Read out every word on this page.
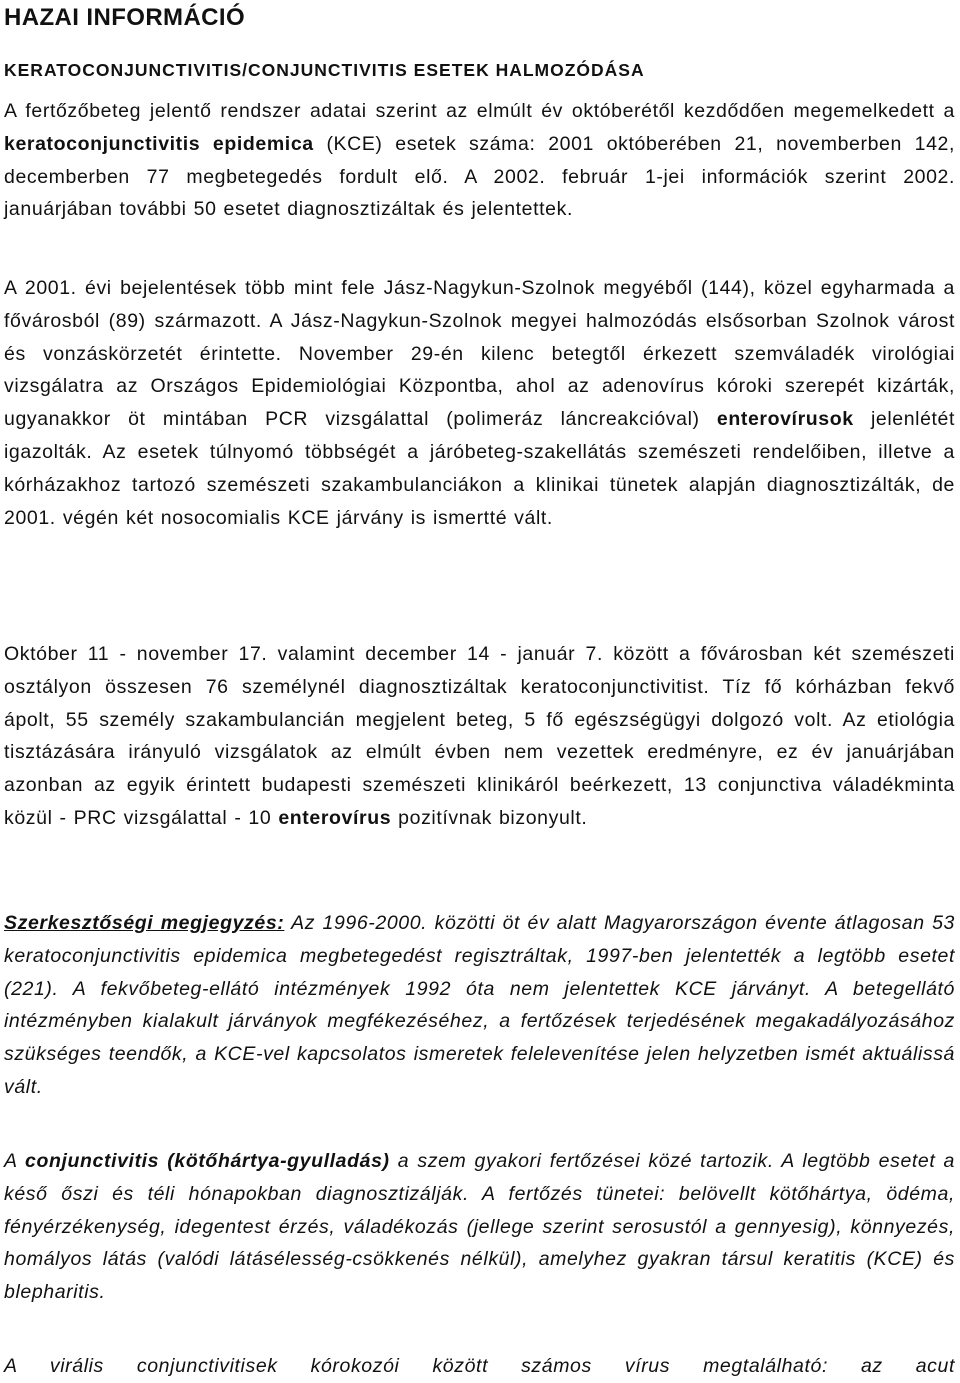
HAZAI INFORMÁCIÓ
KERATOCONJUNCTIVITIS/CONJUNCTIVITIS ESETEK HALMOZÓDÁSA

A fertőzőbeteg jelentő rendszer adatai szerint az elmúlt év októberétől kezdődően megemelkedett a keratoconjunctivitis epidemica (KCE) esetek száma: 2001 októberében 21, novemberben 142, decemberben 77 megbetegedés fordult elő. A 2002. február 1-jei információk szerint 2002. januárjában további 50 esetet diagnosztizáltak és jelentettek.

A 2001. évi bejelentések több mint fele Jász-Nagykun-Szolnok megyéből (144), közel egyharmada a fővárosból (89) származott. A Jász-Nagykun-Szolnok megyei halmozódás elsősorban Szolnok várost és vonzáskörzetét érintette. November 29-én kilenc betegtől érkezett szemváladék virológiai vizsgálatra az Országos Epidemiológiai Központba, ahol az adenovírus kóroki szerepét kizárták, ugyanakkor öt mintában PCR vizsgálattal (polimeráz láncreakcióval) enterovírusok jelenlétét igazolták. Az esetek túlnyomó többségét a járóbeteg-szakellátás szemészeti rendelőiben, illetve a kórházakhoz tartozó szemészeti szakambulanciákon a klinikai tünetek alapján diagnosztizálták, de 2001. végén két nosocomialis KCE járvány is ismertté vált.

Október 11 - november 17. valamint december 14 - január 7. között a fővárosban két szemészeti osztályon összesen 76 személynél diagnosztizáltak keratoconjunctivitist. Tíz fő kórházban fekvő ápolt, 55 személy szakambulancián megjelent beteg, 5 fő egészségügyi dolgozó volt. Az etiológia tisztázására irányuló vizsgálatok az elmúlt évben nem vezettek eredményre, ez év januárjában azonban az egyik érintett budapesti szemészeti klinikáról beérkezett, 13 conjunctiva váladékminta közül - PRC vizsgálattal - 10 enterovírus pozitívnak bizonyult.

Szerkesztőségi megjegyzés: Az 1996-2000. közötti öt év alatt Magyarországon évente átlagosan 53 keratoconjunctivitis epidemica megbetegedést regisztráltak, 1997-ben jelentették a legtöbb esetet (221). A fekvőbeteg-ellátó intézmények 1992 óta nem jelentettek KCE járványt. A betegellátó intézményben kialakult járványok megfékezéséhez, a fertőzések terjedésének megakadályozásához szükséges teendők, a KCE-vel kapcsolatos ismeretek felelevenítése jelen helyzetben ismét aktuálissá vált.

A conjunctivitis (kötőhártya-gyulladás) a szem gyakori fertőzései közé tartozik. A legtöbb esetet a késő őszi és téli hónapokban diagnosztizálják. A fertőzés tünetei: belövellt kötőhártya, ödéma, fényérzékenység, idegentest érzés, váladékozás (jellege szerint serosustól a gennyesig), könnyezés, homályos látás (valódi látásélesség-csökkenés nélkül), amelyhez gyakran társul keratitis (KCE) és blepharitis.

A virális conjunctivitisek kórokozói között számos vírus megtalálható: az acut
